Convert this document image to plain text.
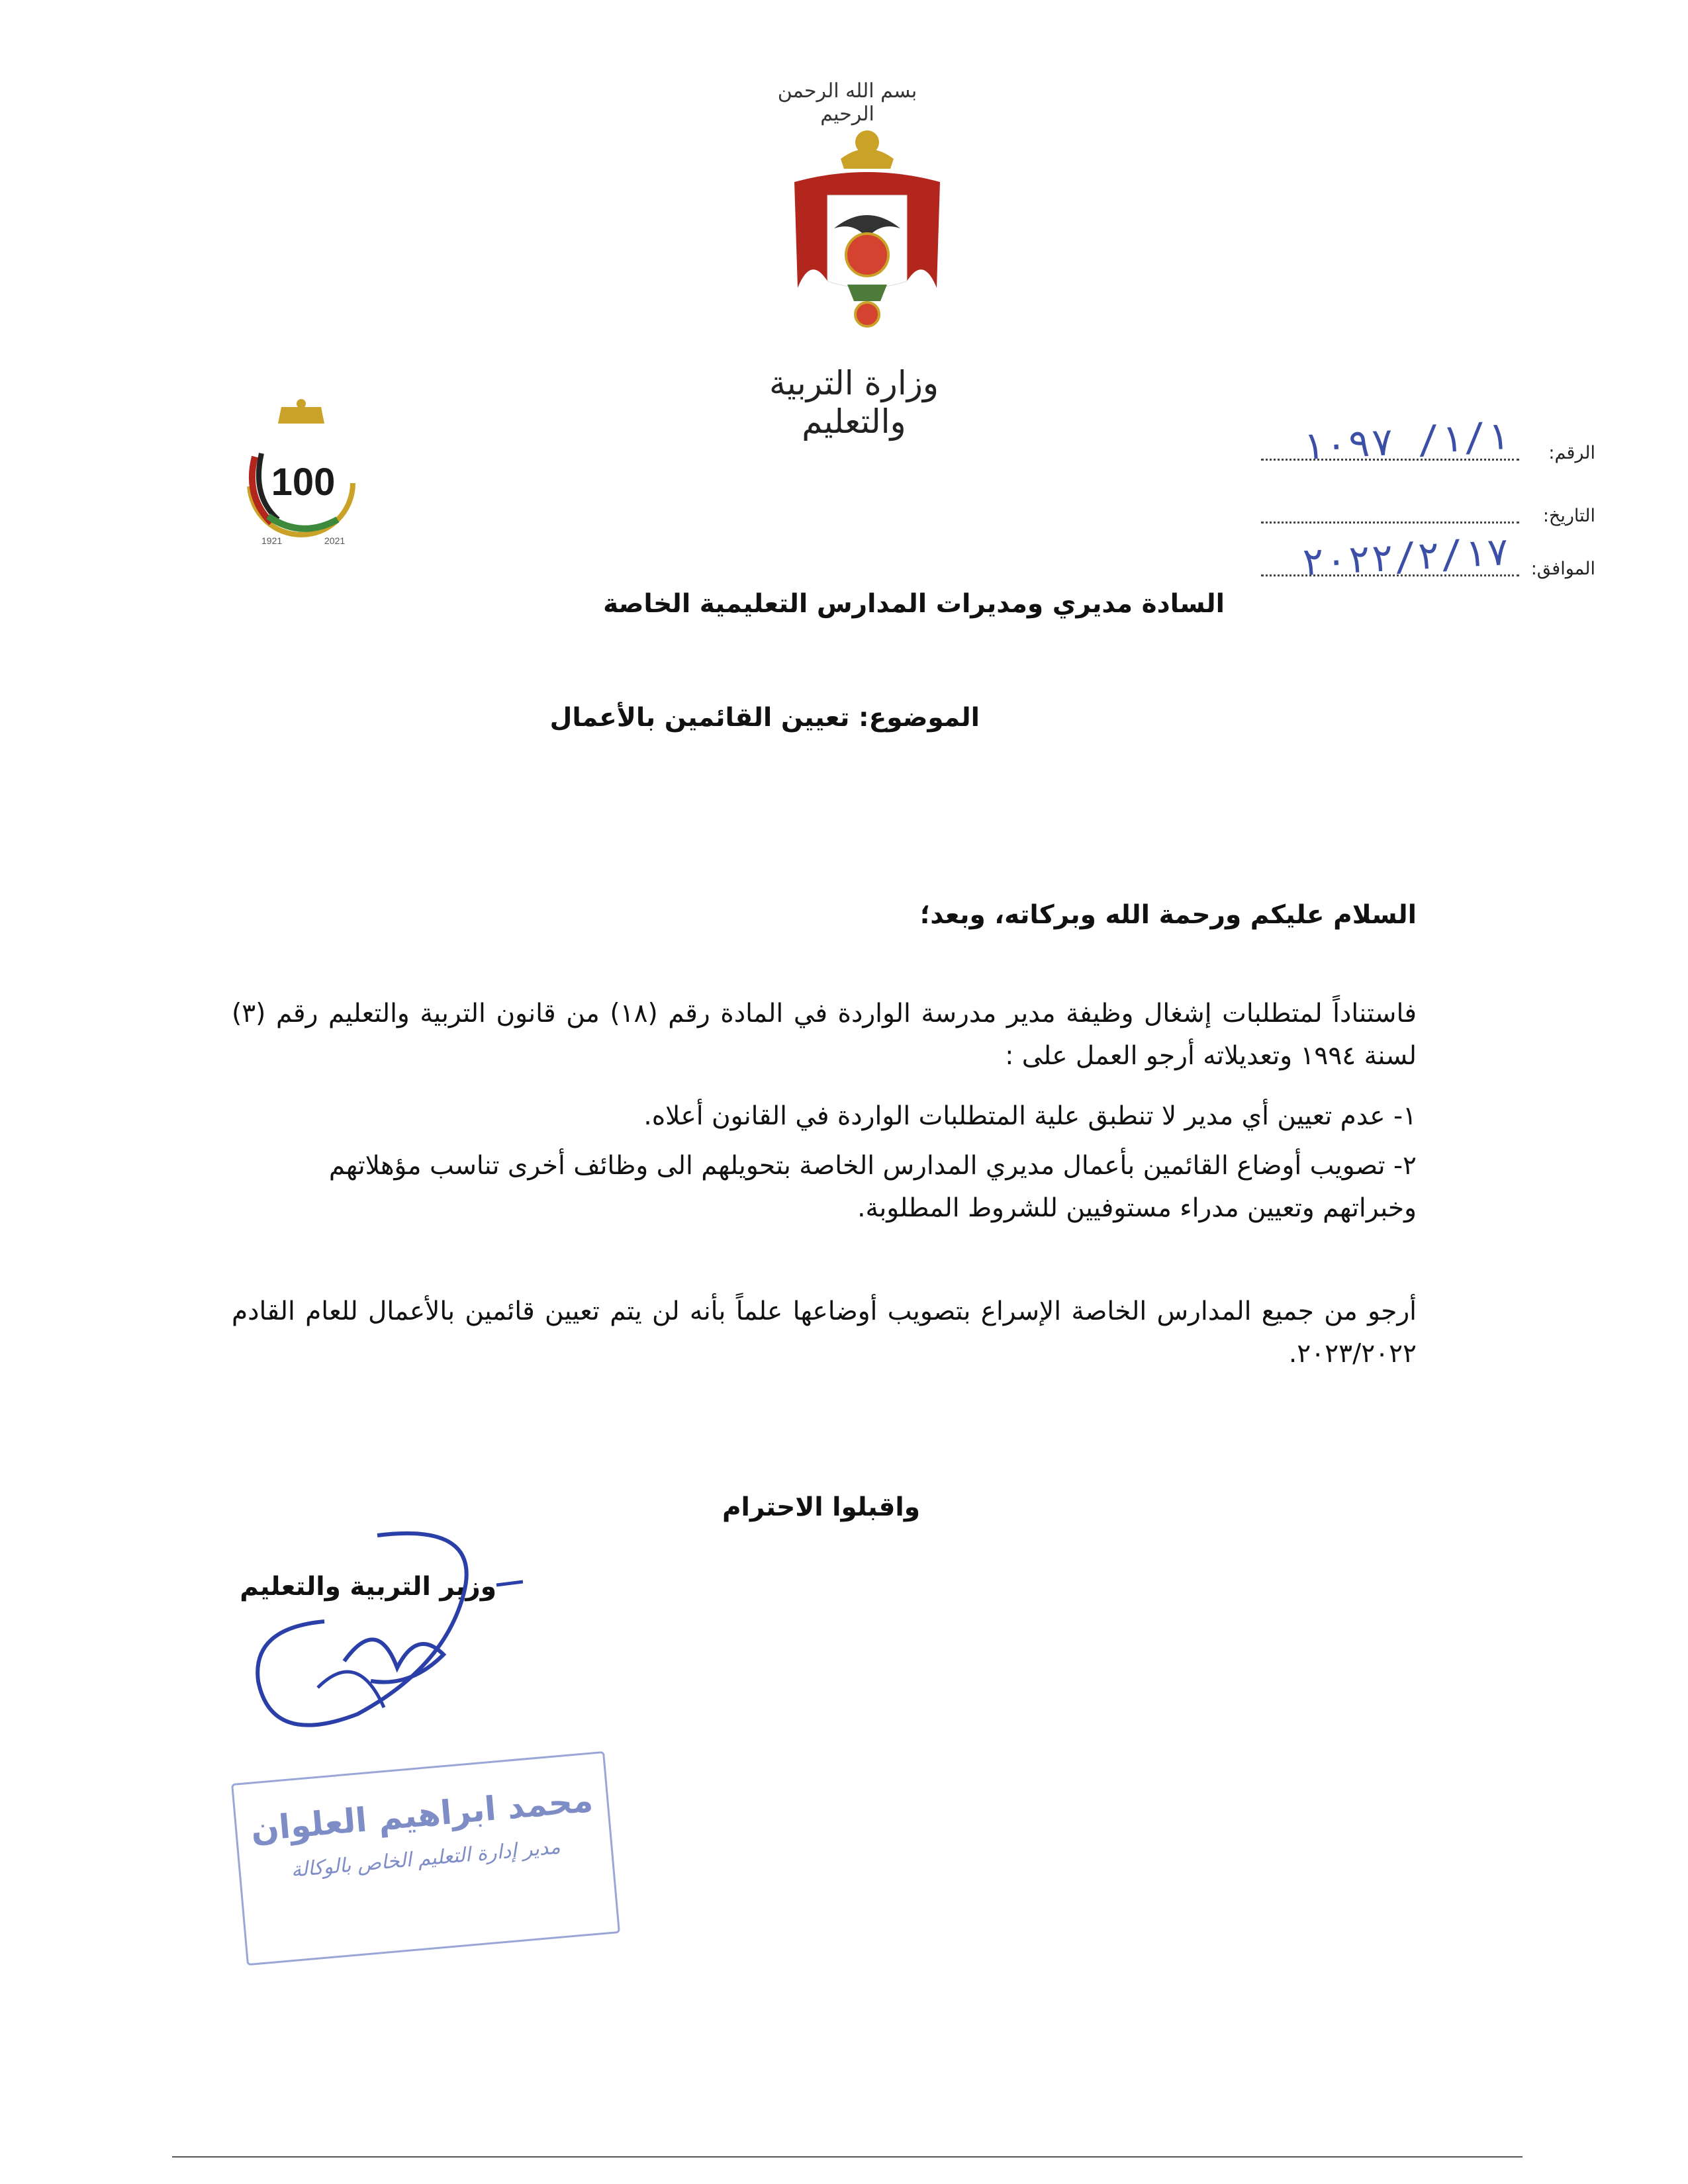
بسم الله الرحمن الرحيم
وزارة التربية والتعليم
100
1921	2021
الرقم:
١/١/ ١٠٩٧
التاريخ:
الموافق:
٢٠٢٢/٢/١٧
السادة مديري ومديرات المدارس التعليمية الخاصة
الموضوع: تعيين القائمين بالأعمال
السلام عليكم ورحمة الله وبركاته، وبعد؛
فاستناداً لمتطلبات إشغال وظيفة مدير مدرسة الواردة في المادة رقم (١٨) من قانون التربية والتعليم رقم (٣) لسنة ١٩٩٤ وتعديلاته أرجو العمل على :
١- عدم تعيين أي مدير لا تنطبق علية المتطلبات الواردة في القانون أعلاه.
٢- تصويب أوضاع القائمين بأعمال مديري المدارس الخاصة بتحويلهم الى وظائف أخرى تناسب مؤهلاتهم وخبراتهم وتعيين مدراء مستوفيين للشروط المطلوبة.
أرجو من جميع المدارس الخاصة الإسراع بتصويب أوضاعها علماً بأنه لن يتم تعيين قائمين بالأعمال للعام القادم ٢٠٢٣/٢٠٢٢.
واقبلوا الاحترام
وزير التربية والتعليم
محمد ابراهيم العلوان
مدير إدارة التعليم الخاص بالوكالة
